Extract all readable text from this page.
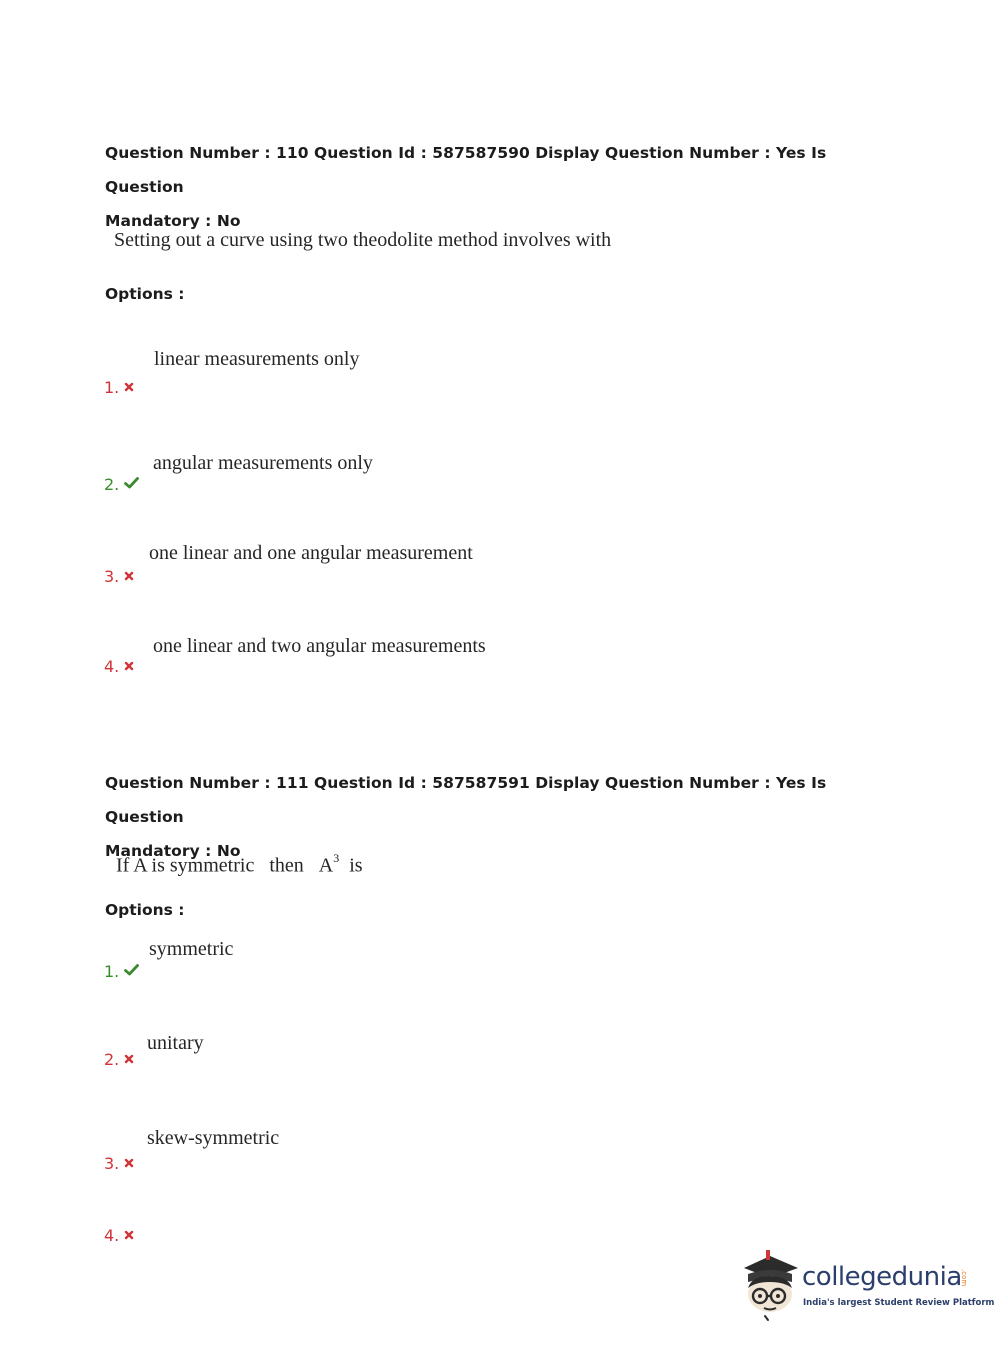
Question Number : 110 Question Id : 587587590 Display Question Number : Yes Is Question
Mandatory : No
Setting out a curve using two theodolite method involves with
Options :
linear measurements only
1.
angular measurements only
2.
one linear and one angular measurement
3.
one linear and two angular measurements
4.
Question Number : 111 Question Id : 587587591 Display Question Number : Yes Is Question
Mandatory : No
If A is symmetric then $A^3$ is
Options :
symmetric
1.
unitary
2.
skew-symmetric
3.
4.
collegedunia
.com
India's largest Student Review Platform
